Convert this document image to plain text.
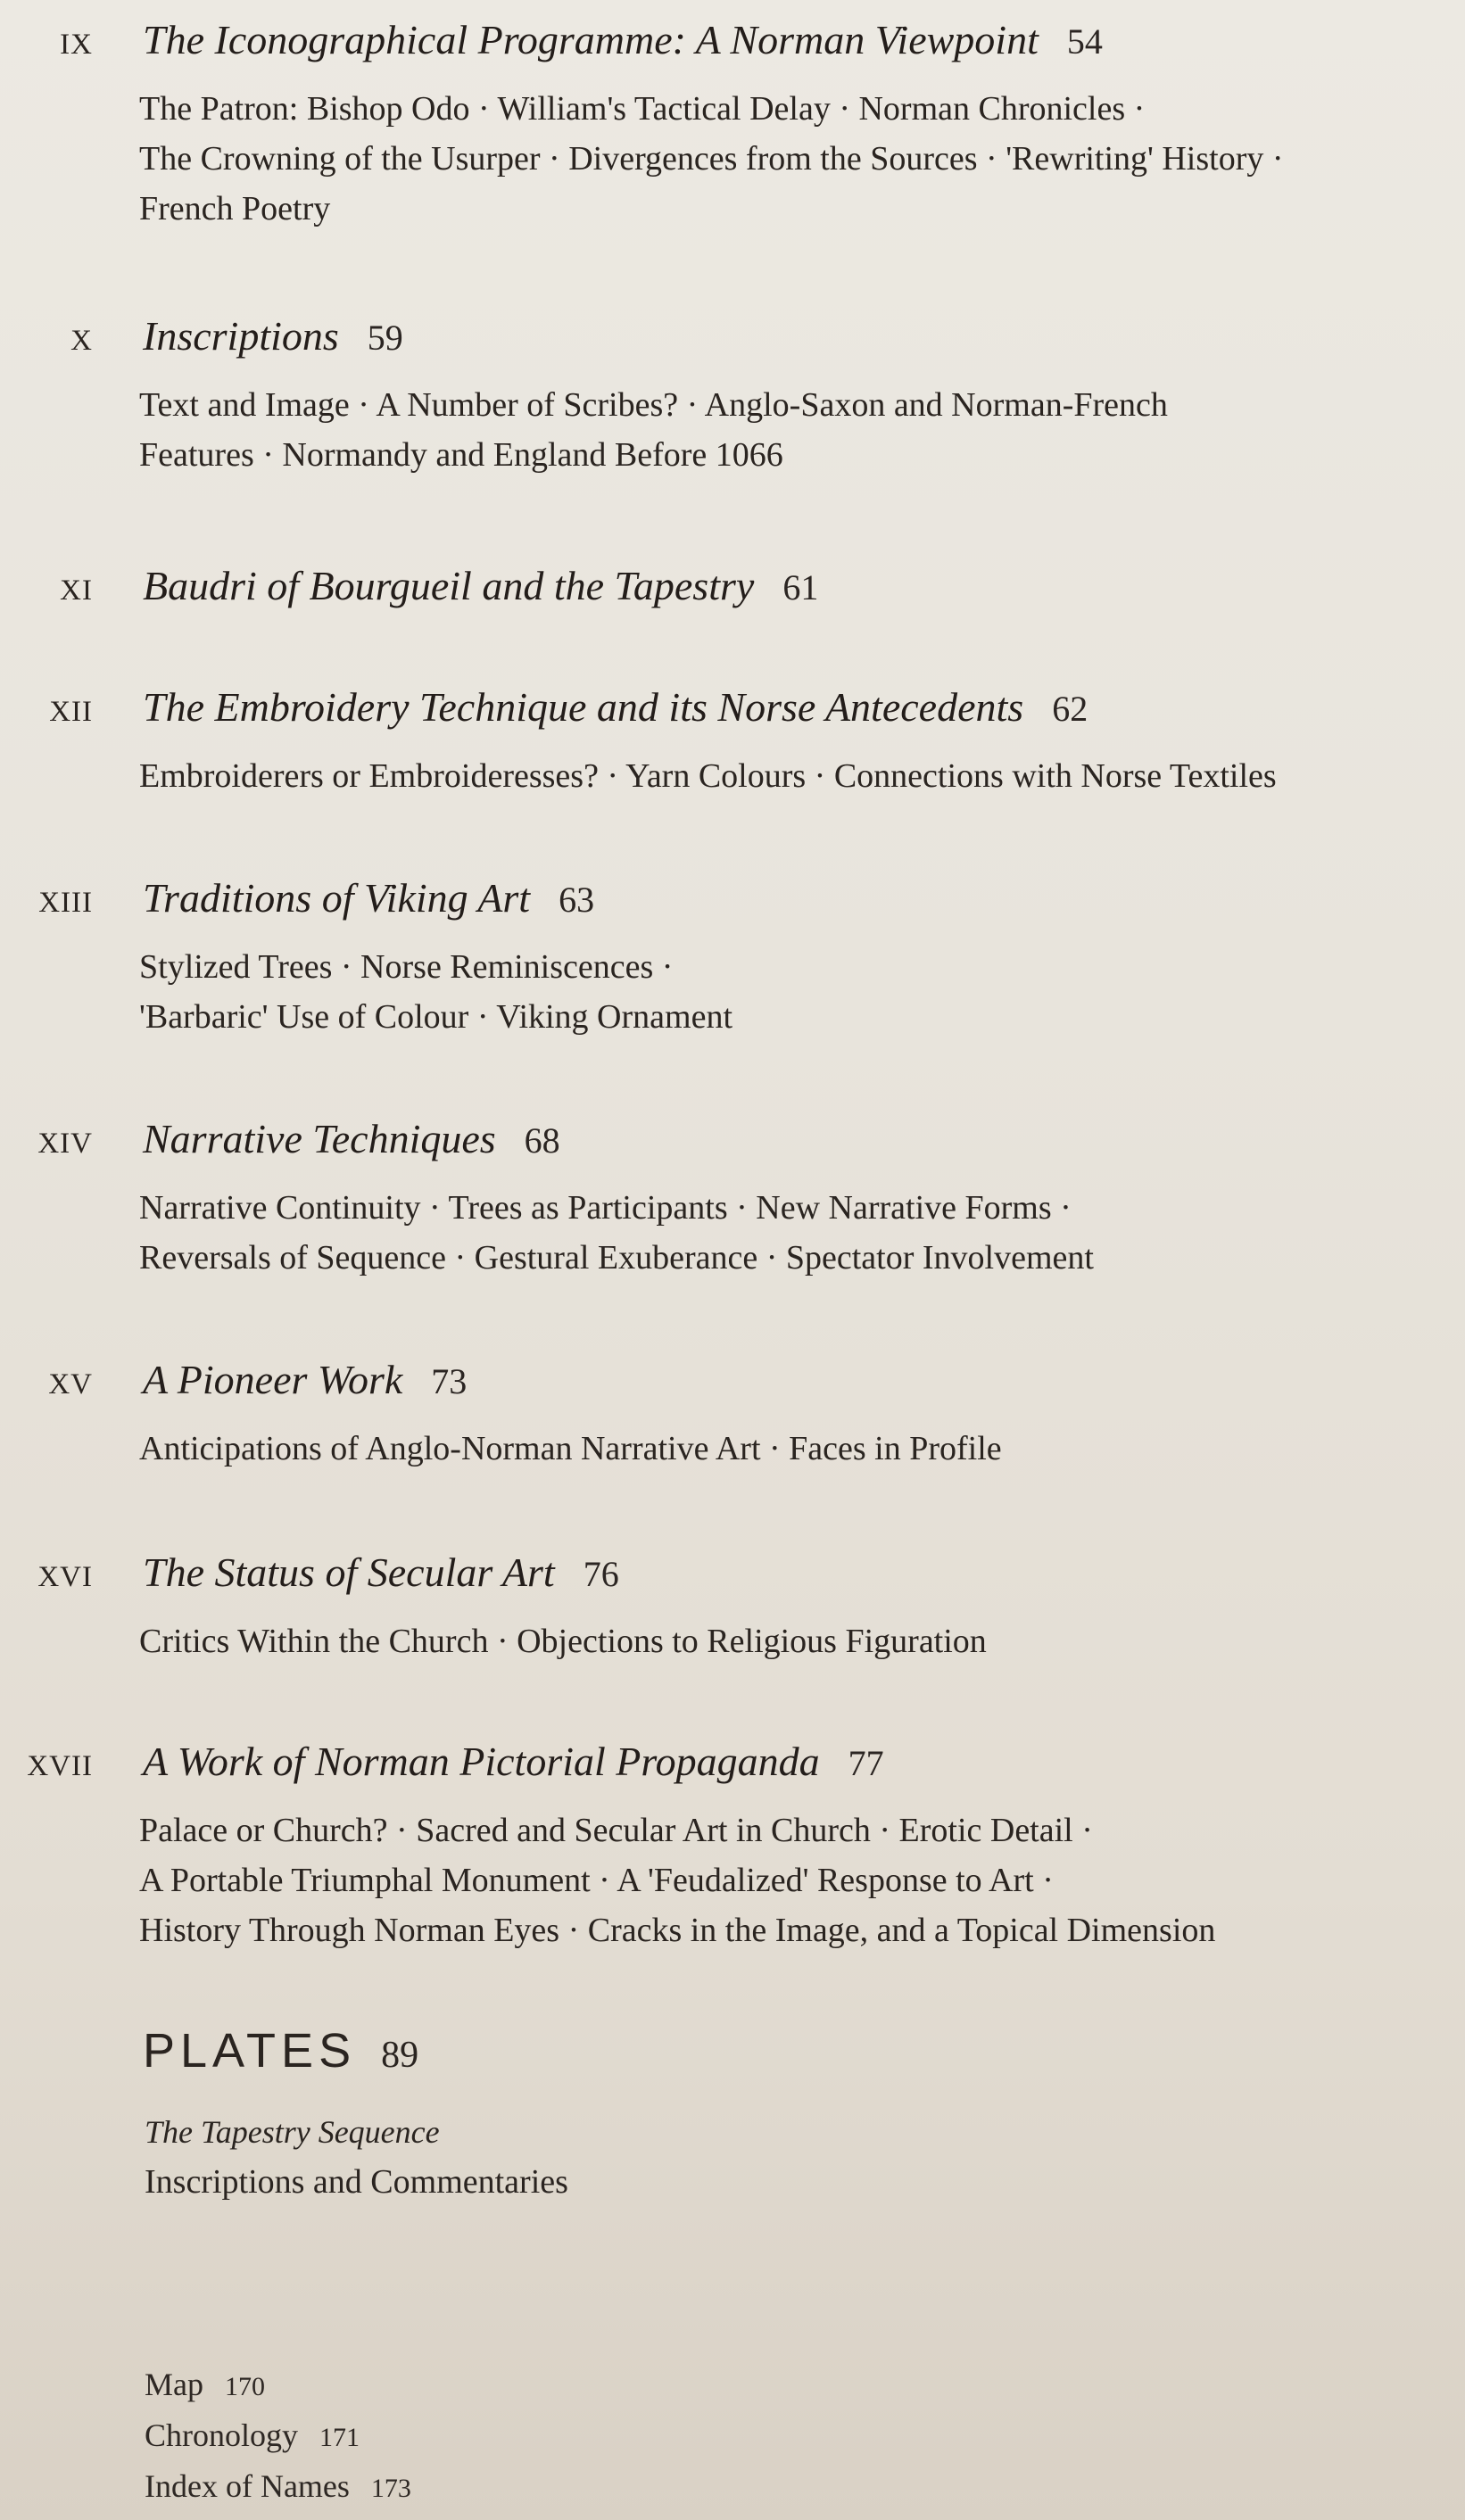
IX The Iconographical Programme: A Norman Viewpoint 54
The Patron: Bishop Odo · William's Tactical Delay · Norman Chronicles ·
The Crowning of the Usurper · Divergences from the Sources · 'Rewriting' History ·
French Poetry
X Inscriptions 59
Text and Image · A Number of Scribes? · Anglo-Saxon and Norman-French
Features · Normandy and England Before 1066
XI Baudri of Bourgueil and the Tapestry 61
XII The Embroidery Technique and its Norse Antecedents 62
Embroiderers or Embroideresses? · Yarn Colours · Connections with Norse Textiles
XIII Traditions of Viking Art 63
Stylized Trees · Norse Reminiscences ·
'Barbaric' Use of Colour · Viking Ornament
XIV Narrative Techniques 68
Narrative Continuity · Trees as Participants · New Narrative Forms ·
Reversals of Sequence · Gestural Exuberance · Spectator Involvement
XV A Pioneer Work 73
Anticipations of Anglo-Norman Narrative Art · Faces in Profile
XVI The Status of Secular Art 76
Critics Within the Church · Objections to Religious Figuration
XVII A Work of Norman Pictorial Propaganda 77
Palace or Church? · Sacred and Secular Art in Church · Erotic Detail ·
A Portable Triumphal Monument · A 'Feudalized' Response to Art ·
History Through Norman Eyes · Cracks in the Image, and a Topical Dimension
PLATES 89
The Tapestry Sequence
Inscriptions and Commentaries
Map 170
Chronology 171
Index of Names 173
